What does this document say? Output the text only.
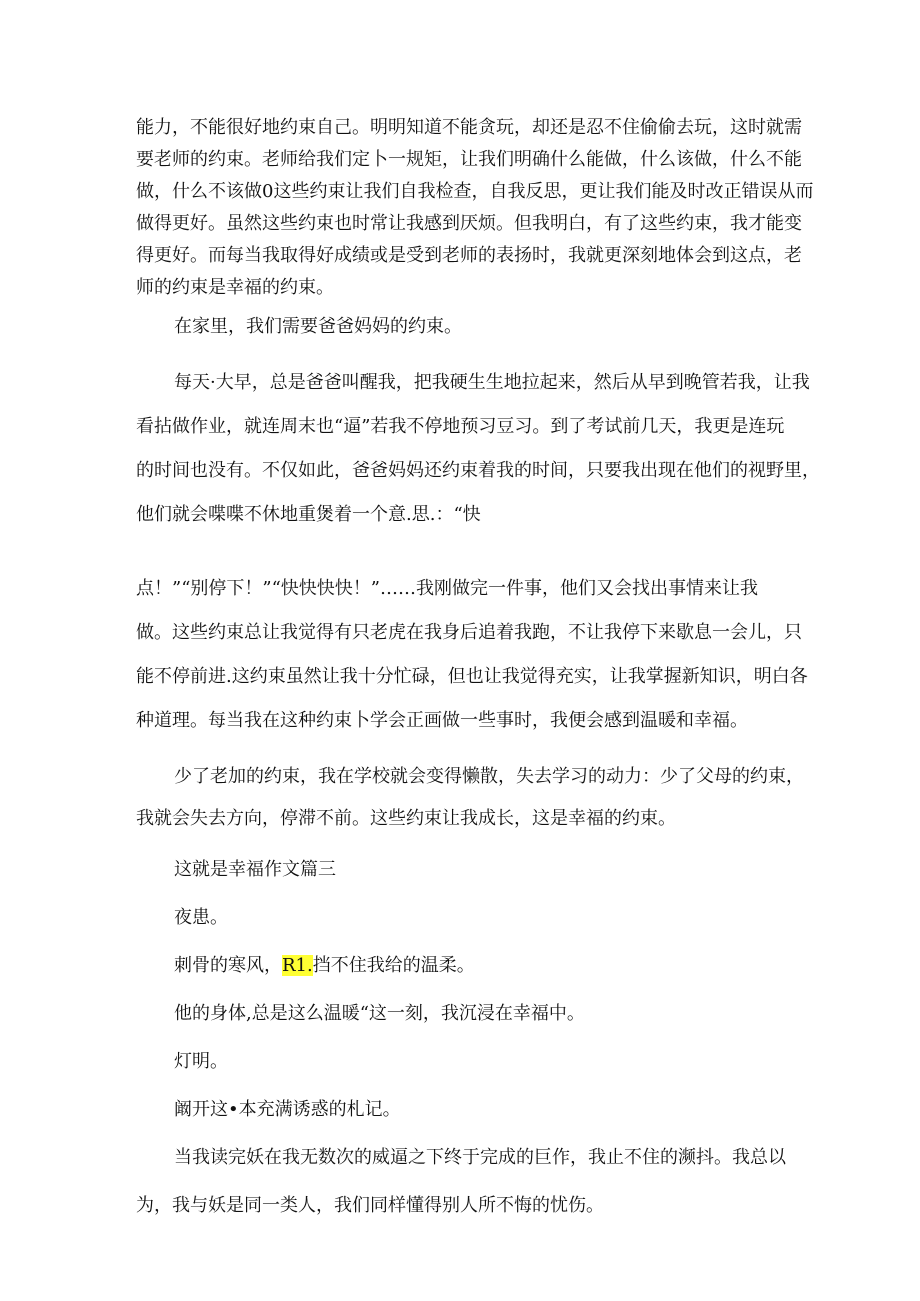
能力，不能很好地约束自己。明明知道不能贪玩，却还是忍不住偷偷去玩，这时就需
要老师的约束。老师给我们定卜一规矩，让我们明确什么能做，什么该做，什么不能
做，什么不该做0这些约束让我们自我检查，自我反思，更让我们能及时改正错误从而
做得更好。虽然这些约束也时常让我感到厌烦。但我明白，有了这些约束，我才能变
得更好。而每当我取得好成绩或是受到老师的表扬时，我就更深刻地体会到这点，老
师的约束是幸福的约束。
在家里，我们需要爸爸妈妈的约束。
每天·大早，总是爸爸叫醒我，把我硬生生地拉起来，然后从早到晚管若我，让我
看拈做作业，就连周末也“逼”若我不停地预习豆习。到了考试前几天，我更是连玩
的时间也没有。不仅如此，爸爸妈妈还约束着我的时间，只要我出现在他们的视野里，
他们就会喋喋不休地重煲着一个意.思.：“快
点！”“别停下！”“快快快快！”……我刚做完一件事，他们又会找出事情来让我
做。这些约束总让我觉得有只老虎在我身后追着我跑，不让我停下来歇息一会儿，只
能不停前进.这约束虽然让我十分忙碌，但也让我觉得充实，让我掌握新知识，明白各
种道理。每当我在这种约束卜学会正画做一些事时，我便会感到温暖和幸福。
少了老加的约束，我在学校就会变得懒散，失去学习的动力：少了父母的约束，
我就会失去方向，停滞不前。这些约束让我成长，这是幸福的约束。
这就是幸福作文篇三
夜患。
刺骨的寒风，R1.挡不住我给的温柔。
他的身体,总是这么温暖“这一刻，我沉浸在幸福中。
灯明。
阚开这•本充满诱惑的札记。
当我读完妖在我无数次的威逼之下终于完成的巨作，我止不住的濒抖。我总以
为，我与妖是同一类人，我们同样懂得别人所不悔的忧伤。
